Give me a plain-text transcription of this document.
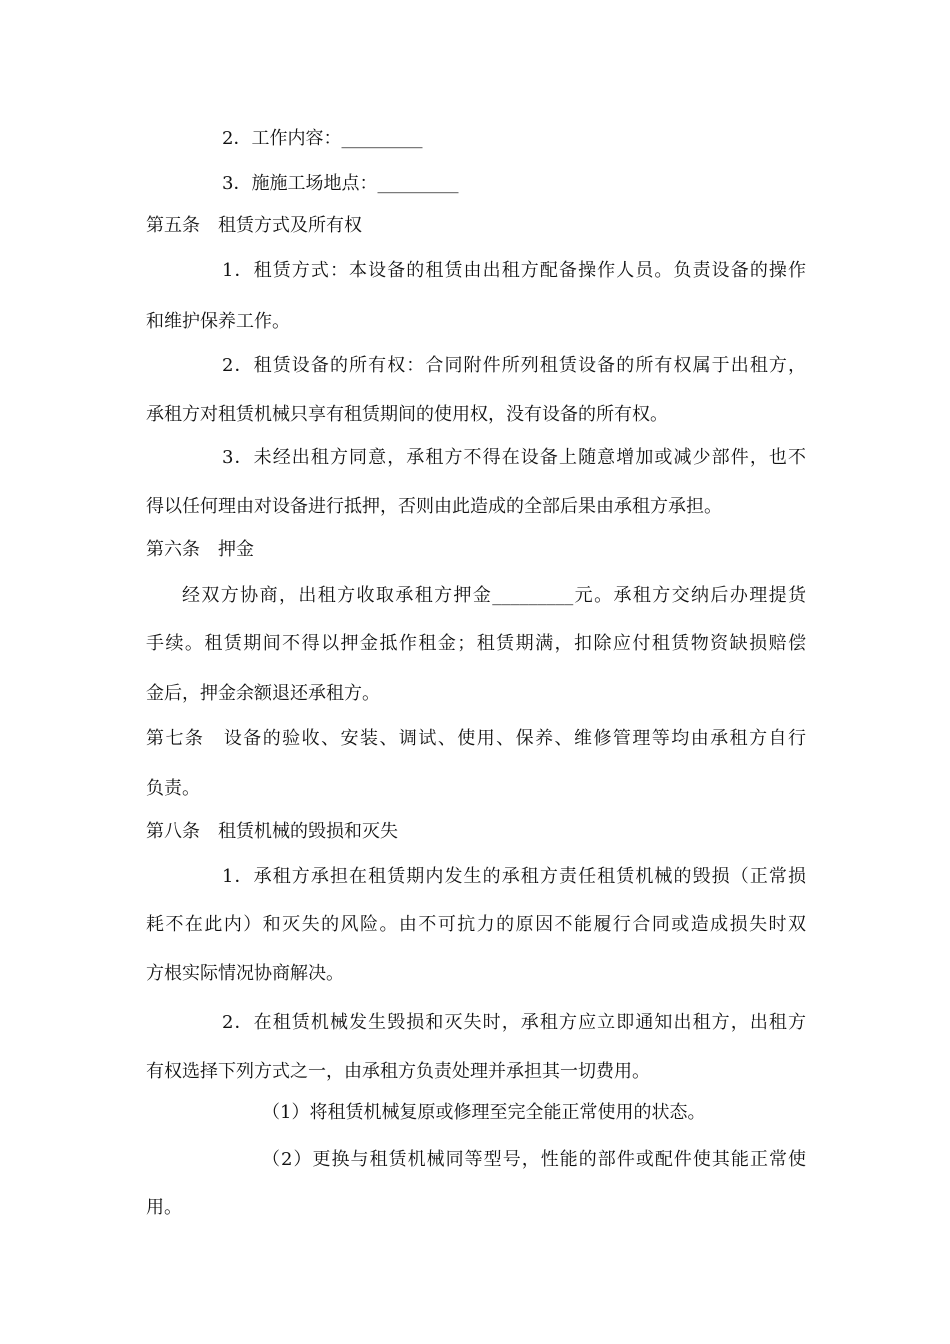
2．工作内容：_________
3．施施工场地点：_________
第五条　租赁方式及所有权
1．租赁方式：本设备的租赁由出租方配备操作人员。负责设备的操作
和维护保养工作。
2．租赁设备的所有权：合同附件所列租赁设备的所有权属于出租方，
承租方对租赁机械只享有租赁期间的使用权，没有设备的所有权。
3．未经出租方同意，承租方不得在设备上随意增加或减少部件，也不
得以任何理由对设备进行抵押，否则由此造成的全部后果由承租方承担。
第六条　押金
经双方协商，出租方收取承租方押金_________元。承租方交纳后办理提货
手续。租赁期间不得以押金抵作租金；租赁期满，扣除应付租赁物资缺损赔偿
金后，押金余额退还承租方。
第七条　设备的验收、安装、调试、使用、保养、维修管理等均由承租方自行
负责。
第八条　租赁机械的毁损和灭失
1．承租方承担在租赁期内发生的承租方责任租赁机械的毁损（正常损
耗不在此内）和灭失的风险。由不可抗力的原因不能履行合同或造成损失时双
方根实际情况协商解决。
2．在租赁机械发生毁损和灭失时，承租方应立即通知出租方，出租方
有权选择下列方式之一，由承租方负责处理并承担其一切费用。
（1）将租赁机械复原或修理至完全能正常使用的状态。
（2）更换与租赁机械同等型号，性能的部件或配件使其能正常使
用。
